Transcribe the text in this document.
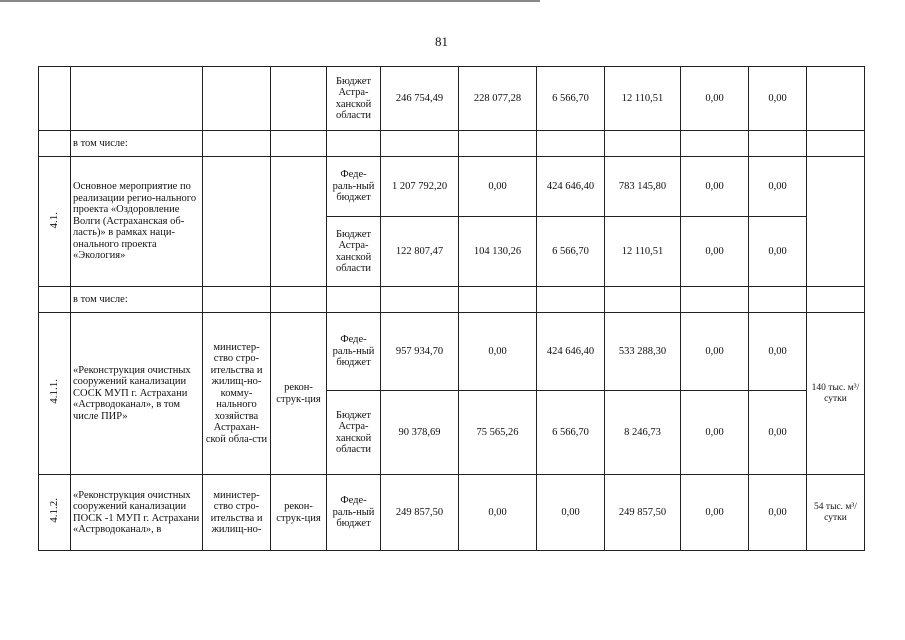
81
				Бюджет Астра-ханской области	246 754,49	228 077,28	6 566,70	12 110,51	0,00	0,00	
	в том числе:										
4.1.	Основное мероприятие по реализации регио-нального проекта «Оздоровление Волги (Астраханская об-ласть)» в рамках наци-онального проекта «Экология»			Феде-раль-ный бюджет	1 207 792,20	0,00	424 646,40	783 145,80	0,00	0,00	
				Бюджет Астра-ханской области	122 807,47	104 130,26	6 566,70	12 110,51	0,00	0,00	
	в том числе:										
4.1.1.	«Реконструкция очистных сооружений канализации СОСК МУП г. Астрахани «Астрводоканал», в том числе ПИР»	министер-ство стро-ительства и жилищ-но-комму-нального хозяйства Астрахан-ской обла-сти	рекон-струк-ция	Феде-раль-ный бюджет	957 934,70	0,00	424 646,40	533 288,30	0,00	0,00	140 тыс. м³/ сутки
				Бюджет Астра-ханской области	90 378,69	75 565,26	6 566,70	8 246,73	0,00	0,00	
4.1.2.	«Реконструкция очистных сооружений канализации ПОСК -1 МУП г. Астрахани «Астрводоканал», в	министер-ство стро-ительства и жилищ-но-	рекон-струк-ция	Феде-раль-ный бюджет	249 857,50	0,00	0,00	249 857,50	0,00	0,00	54 тыс. м³/ сутки
